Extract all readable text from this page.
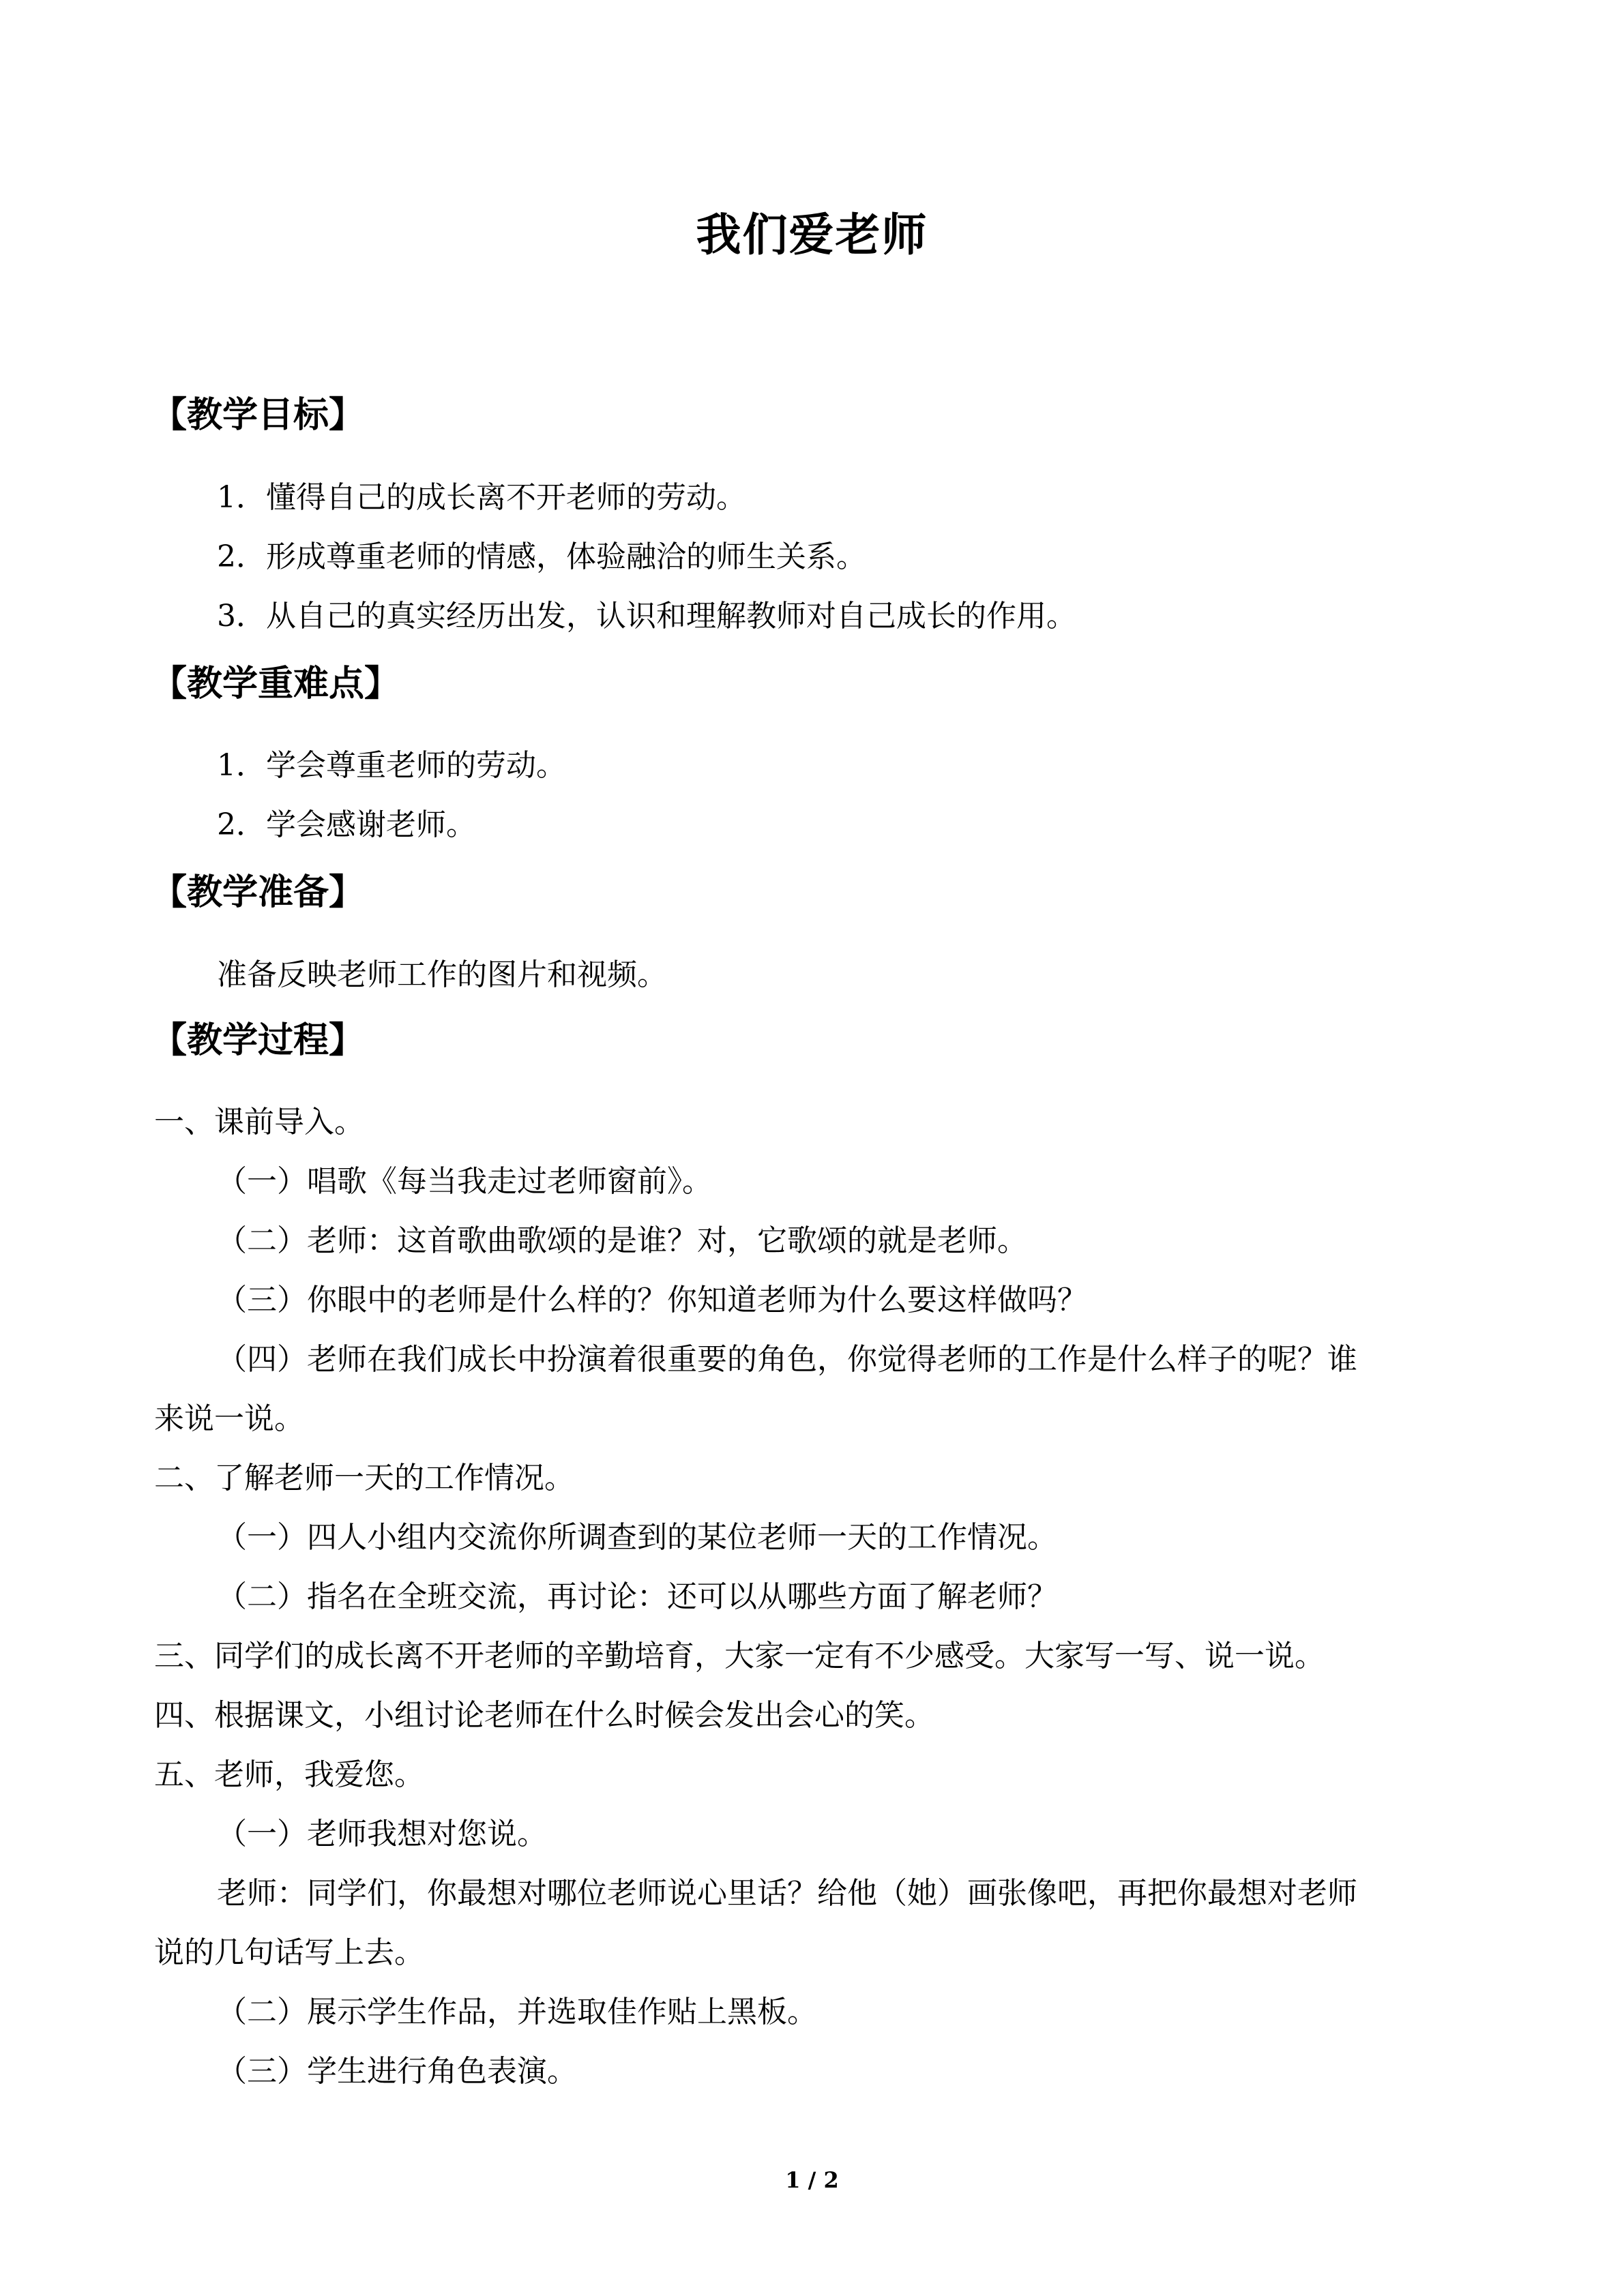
我们爱老师
【教学目标】
1．懂得自己的成长离不开老师的劳动。
2．形成尊重老师的情感，体验融洽的师生关系。
3．从自己的真实经历出发，认识和理解教师对自己成长的作用。
【教学重难点】
1．学会尊重老师的劳动。
2．学会感谢老师。
【教学准备】
准备反映老师工作的图片和视频。
【教学过程】
一、课前导入。
（一）唱歌《每当我走过老师窗前》。
（二）老师：这首歌曲歌颂的是谁？对，它歌颂的就是老师。
（三）你眼中的老师是什么样的？你知道老师为什么要这样做吗？
（四）老师在我们成长中扮演着很重要的角色，你觉得老师的工作是什么样子的呢？谁
来说一说。
二、了解老师一天的工作情况。
（一）四人小组内交流你所调查到的某位老师一天的工作情况。
（二）指名在全班交流，再讨论：还可以从哪些方面了解老师？
三、同学们的成长离不开老师的辛勤培育，大家一定有不少感受。大家写一写、说一说。
四、根据课文，小组讨论老师在什么时候会发出会心的笑。
五、老师，我爱您。
（一）老师我想对您说。
老师：同学们，你最想对哪位老师说心里话？给他（她）画张像吧，再把你最想对老师
说的几句话写上去。
（二）展示学生作品，并选取佳作贴上黑板。
（三）学生进行角色表演。
1 / 2
